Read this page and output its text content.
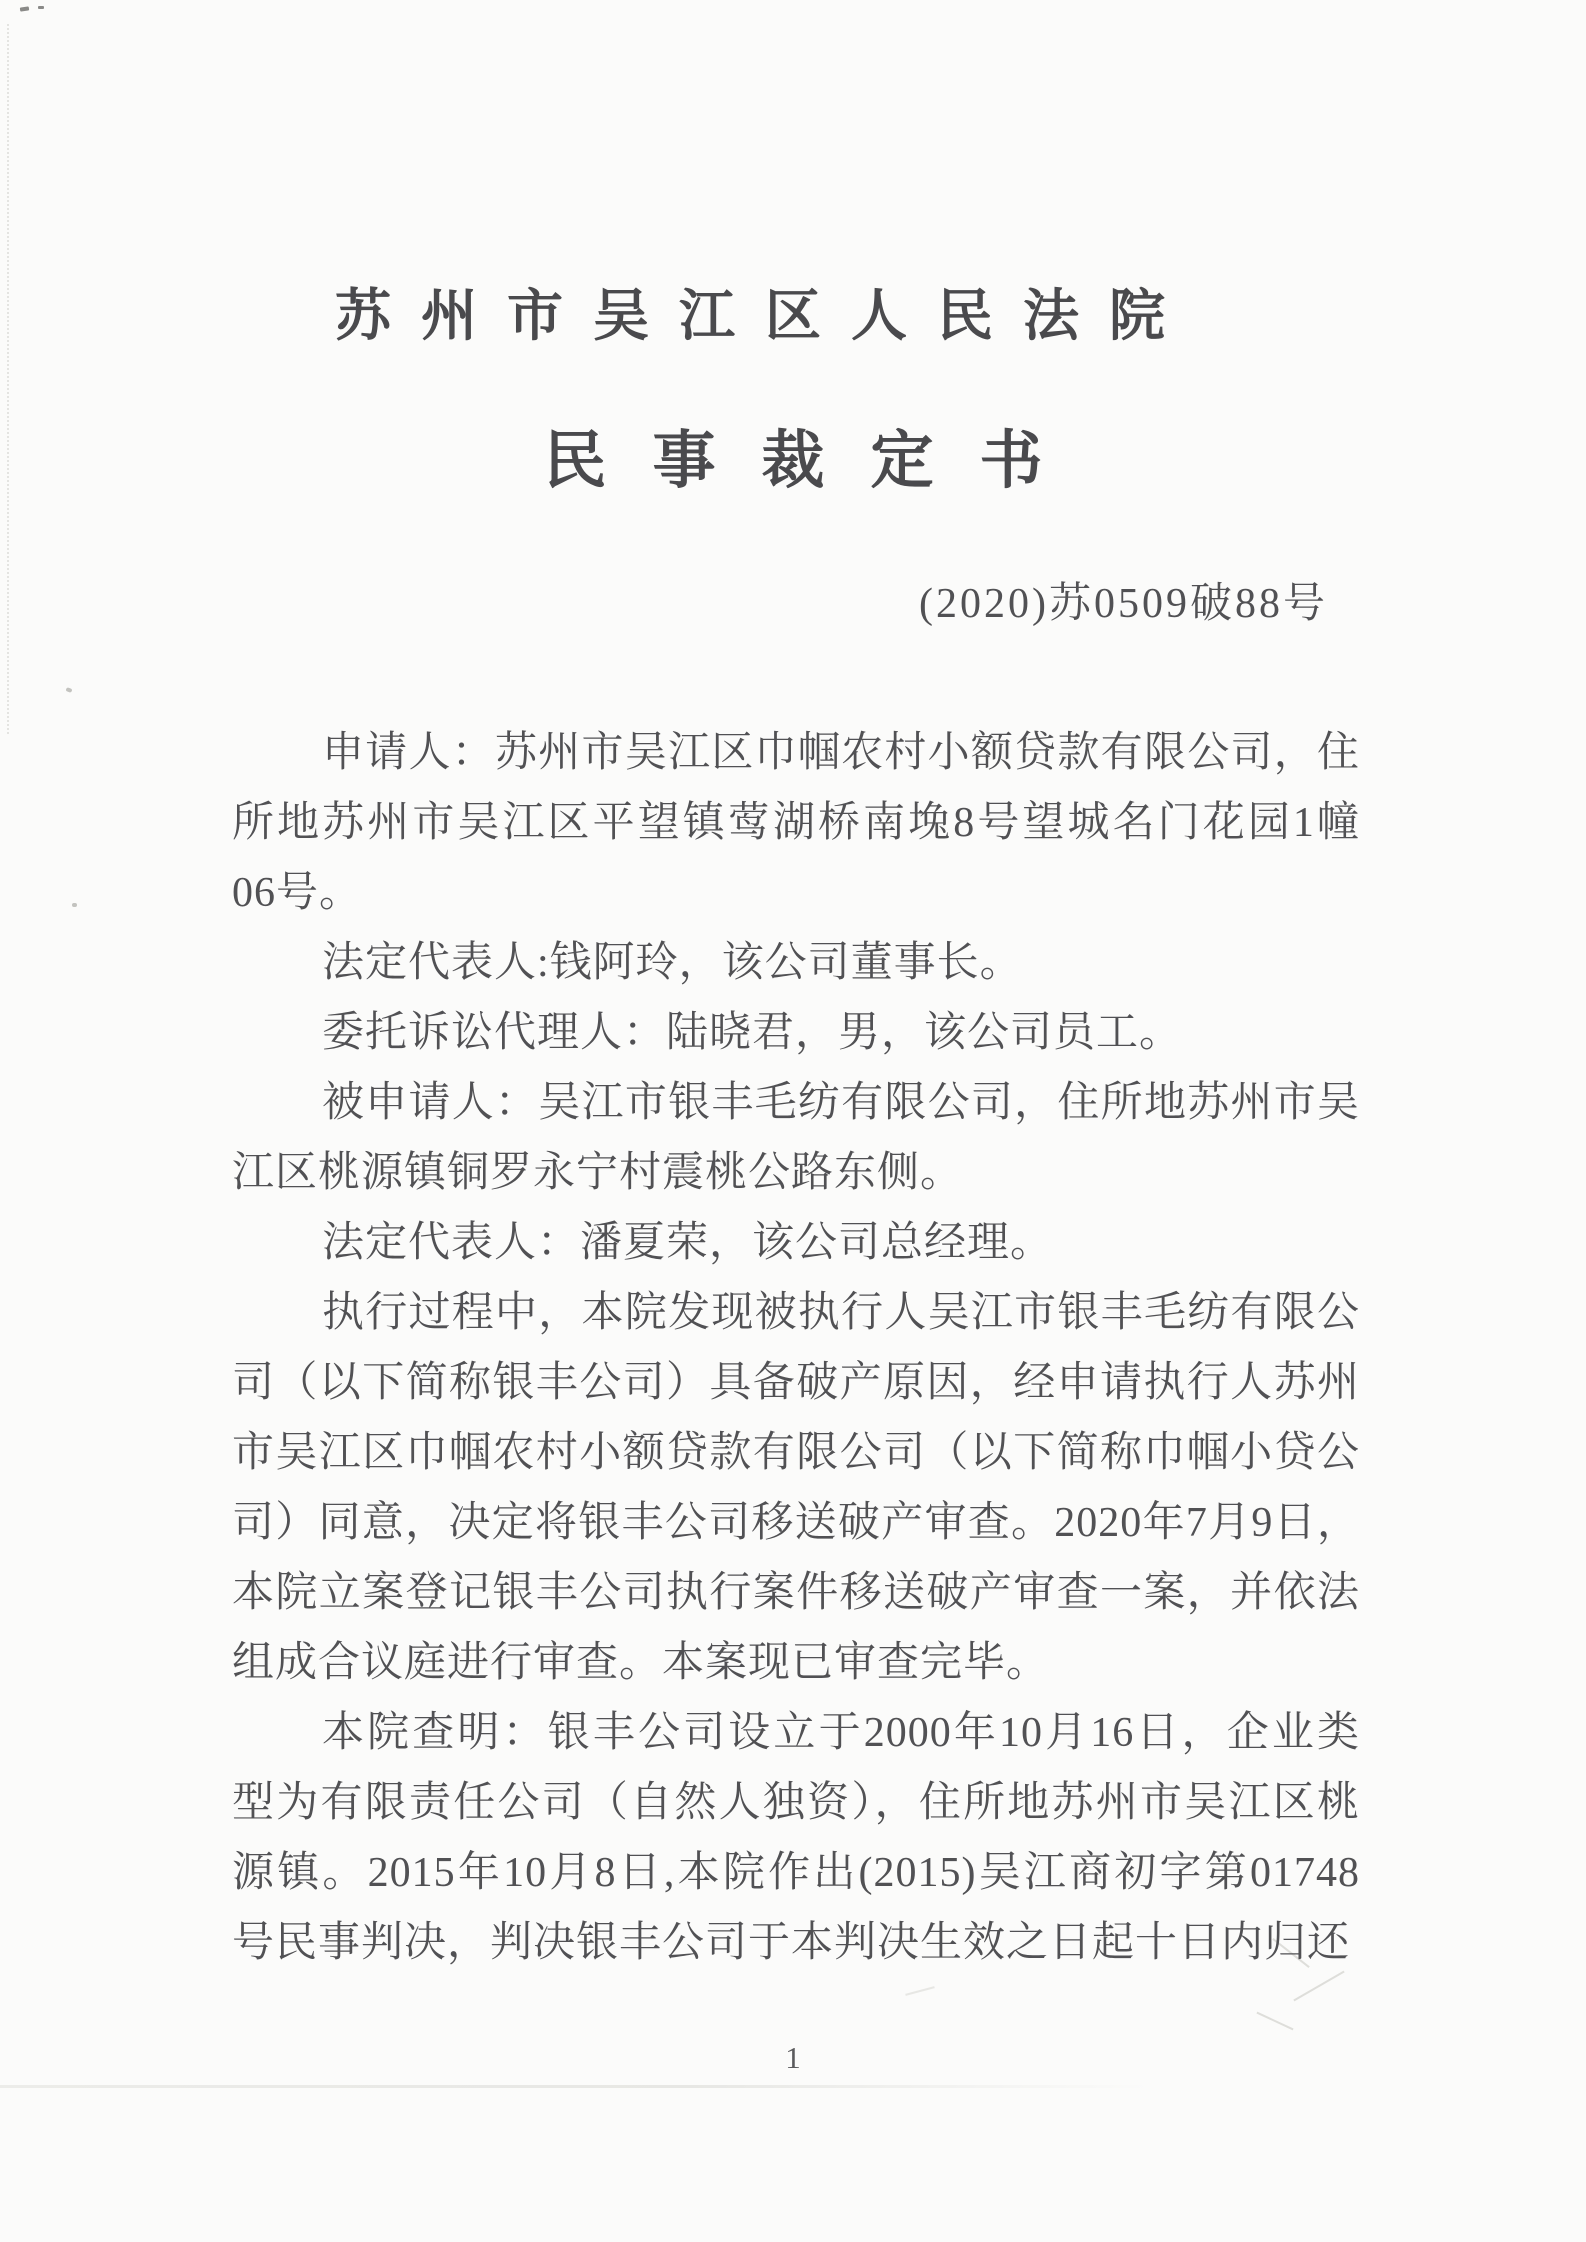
苏州市吴江区人民法院
民事裁定书
(2020)苏0509破88号
申请人：苏州市吴江区巾帼农村小额贷款有限公司，住
所地苏州市吴江区平望镇莺湖桥南堍8号望城名门花园1幢
06号。
法定代表人:钱阿玲，该公司董事长。
委托诉讼代理人：陆晓君，男，该公司员工。
被申请人：吴江市银丰毛纺有限公司，住所地苏州市吴
江区桃源镇铜罗永宁村震桃公路东侧。
法定代表人：潘夏荣，该公司总经理。
执行过程中，本院发现被执行人吴江市银丰毛纺有限公
司（以下简称银丰公司）具备破产原因，经申请执行人苏州
市吴江区巾帼农村小额贷款有限公司（以下简称巾帼小贷公
司）同意，决定将银丰公司移送破产审查。2020年7月9日，
本院立案登记银丰公司执行案件移送破产审查一案，并依法
组成合议庭进行审查。本案现已审查完毕。
本院查明：银丰公司设立于2000年10月16日，企业类
型为有限责任公司（自然人独资），住所地苏州市吴江区桃
源镇。2015年10月8日,本院作出(2015)吴江商初字第01748
号民事判决，判决银丰公司于本判决生效之日起十日内归还
1
